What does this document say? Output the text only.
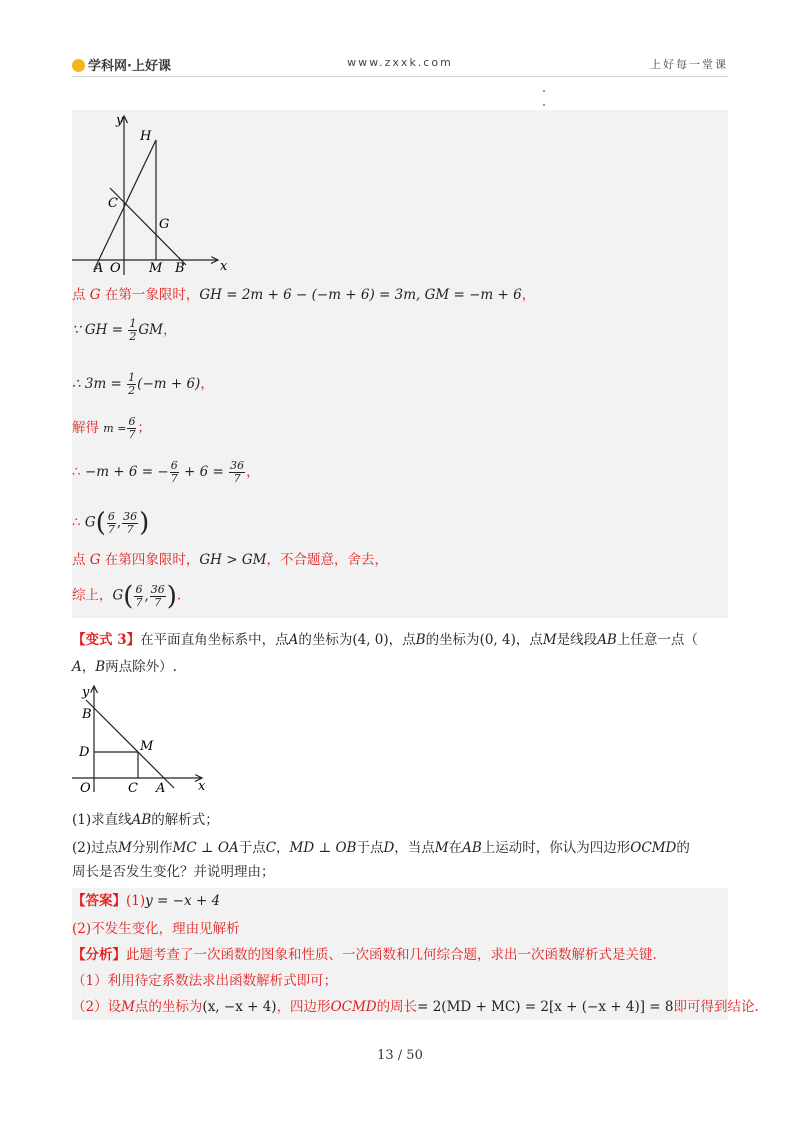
学科网·上好课	www.zxxk.com	上好每一堂课
y
x
H
C
G
A O M B
点 G 在第一象限时，GH = 2m + 6 − (−m + 6) = 3m, GM = −m + 6，
∵ GH = $\frac{1}{2}$ GM，
∴ $3m = \frac{1}{2} (-m + 6)$，
解得 $m = \frac{6}{7}$ ；
∴ −m + 6 = − $\frac{6}{7} + 6 = \frac{36}{7}$ ，
∴ $G( \frac{6}{7}$ , $\frac{36}{7}$ )
点 G 在第四象限时，GH > GM，不合题意，舍去，
综上，$G( \frac{6}{7}$ , $\frac{36}{7}$ ).
【变式 3】在平面直角坐标系中，点A的坐标为(4, 0)，点B的坐标为(0, 4)，点M是线段AB上任意一点（
A，B两点除外）.
y
x
B
D	M
O	C A
(1)求直线AB的解析式；
(2)过点M分别作MC ⊥ OA于点C，MD ⊥ OB于点D，当点M在AB上运动时，你认为四边形OCMD的
周长是否发生变化？并说明理由；
【答案】(1)y = −x + 4
(2)不发生变化，理由见解析
【分析】此题考查了一次函数的图象和性质、一次函数和几何综合题，求出一次函数解析式是关键.
（1）利用待定系数法求出函数解析式即可；
（2）设M点的坐标为(x, −x + 4)，四边形OCMD的周长= 2(MD + MC) = 2[x + (−x + 4)] = 8即可得到结论.
13 / 50
